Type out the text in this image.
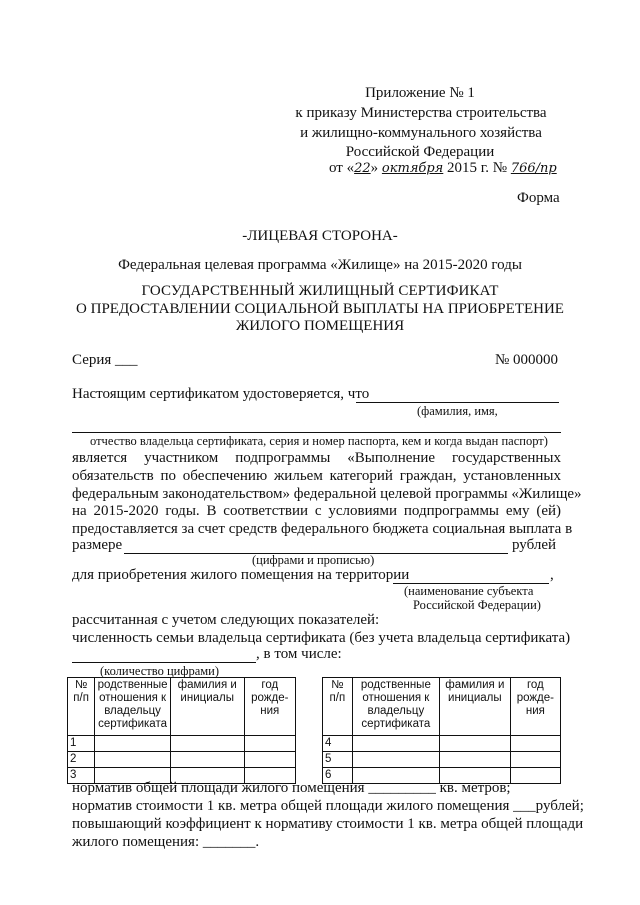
Приложение № 1
к приказу Министерства строительства
и жилищно-коммунального хозяйства
Российской Федерации
от «22» октября 2015 г. № 766/пр
Форма
-ЛИЦЕВАЯ СТОРОНА-
Федеральная целевая программа «Жилище» на 2015-2020 годы
ГОСУДАРСТВЕННЫЙ ЖИЛИЩНЫЙ СЕРТИФИКАТ
О ПРЕДОСТАВЛЕНИИ СОЦИАЛЬНОЙ ВЫПЛАТЫ НА ПРИОБРЕТЕНИЕ
ЖИЛОГО ПОМЕЩЕНИЯ
Серия ___	№ 000000
Настоящим сертификатом удостоверяется, что
(фамилия, имя,
отчество владельца сертификата, серия и номер паспорта, кем и когда выдан паспорт)
является участником подпрограммы «Выполнение государственных
обязательств по обеспечению жильем категорий граждан, установленных
федеральным законодательством» федеральной целевой программы «Жилище»
на 2015-2020 годы. В соответствии с условиями подпрограммы ему (ей)
предоставляется за счет средств федерального бюджета социальная выплата в
размере	рублей
(цифрами и прописью)
для приобретения жилого помещения на территории	,
(наименование субъекта
Российской Федерации)
рассчитанная с учетом следующих показателей:
численность семьи владельца сертификата (без учета владельца сертификата)
, в том числе:
(количество цифрами)
№ п/п	родственные отношения к владельцу сертификата	фамилия и инициалы	год рожде-ния
1			
2			
3			
№ п/п	родственные отношения к владельцу сертификата	фамилия и инициалы	год рожде-ния
4			
5			
6			
норматив общей площади жилого помещения _________ кв. метров;
норматив стоимости 1 кв. метра общей площади жилого помещения ___рублей;
повышающий коэффициент к нормативу стоимости 1 кв. метра общей площади
жилого помещения: _______.
